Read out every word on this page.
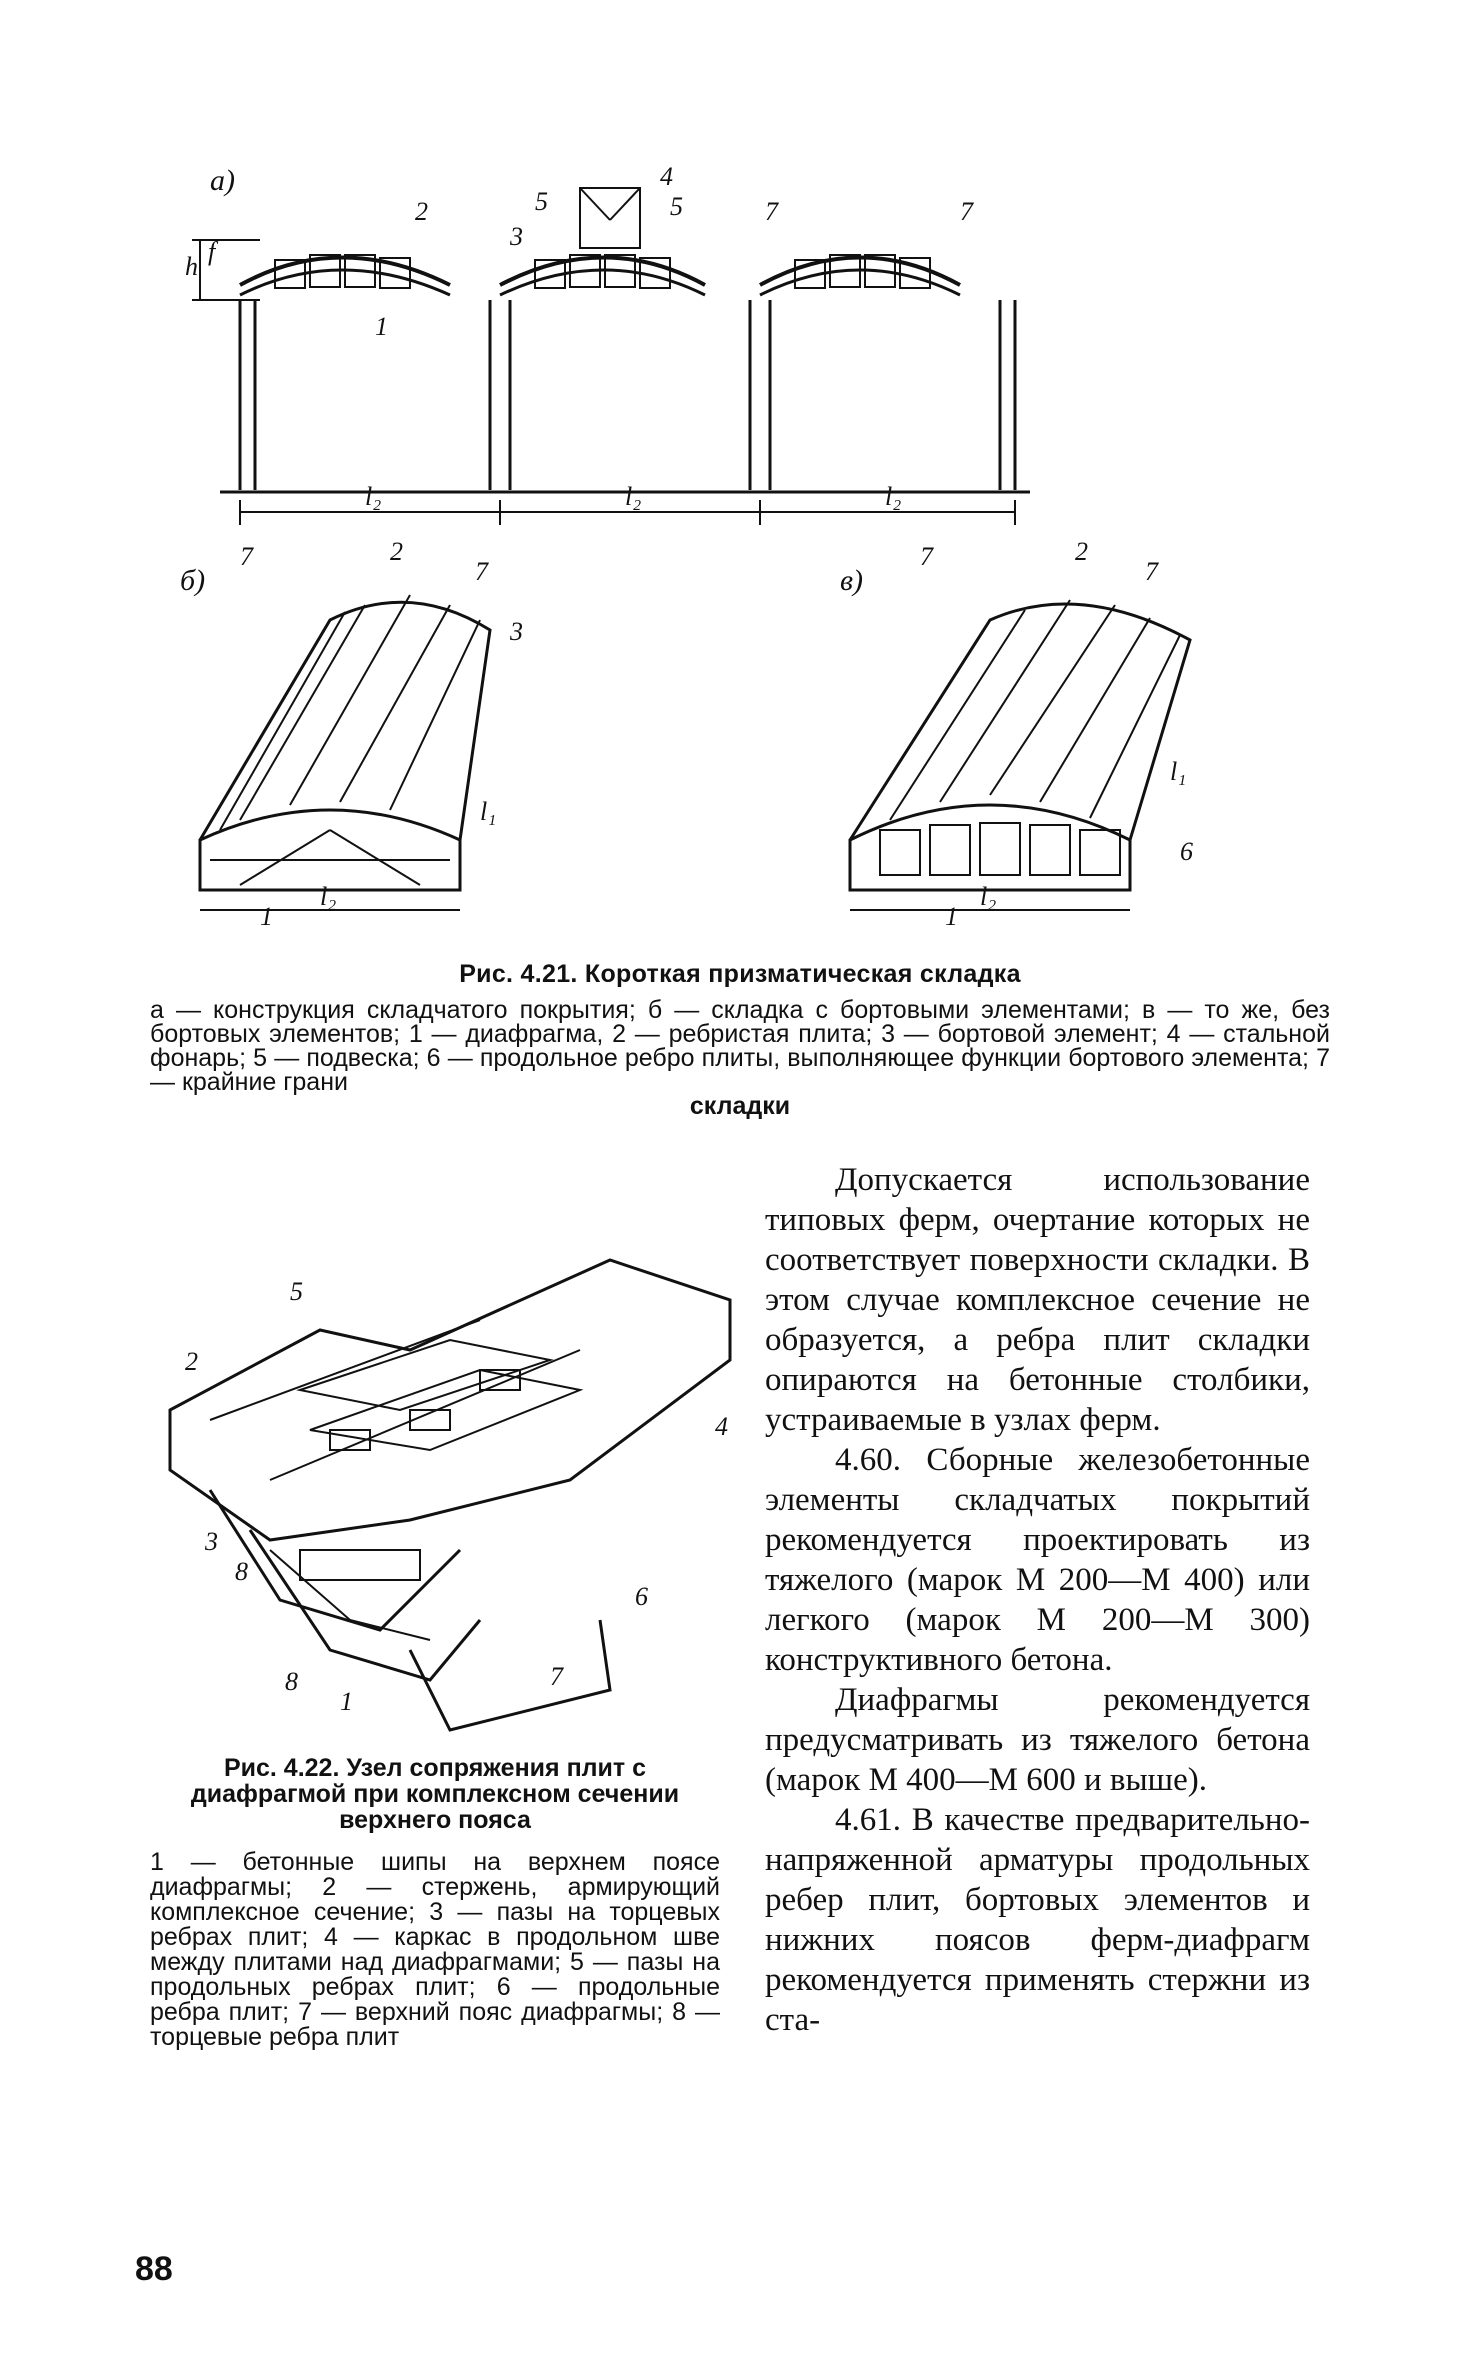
а)
h
f
l₂	l₂	l₂
2
3
1
5
4
5	7	7
б)
l₂
7	2
7
3
1
l₁
в)
l₂
7	2
7
6
1
l₁
Рис. 4.21. Короткая призматическая складка
а — конструкция складчатого покрытия; б — складка с бортовыми элементами; в — то же, без бортовых элементов; 1 — диафрагма, 2 — ребристая плита; 3 — бортовой элемент; 4 — стальной фонарь; 5 — подвеска; 6 — продольное ребро плиты, выполняющее функции бортового элемента; 7 — крайние грани
складки
5
2
4
3
8
6
8
1
7
Рис. 4.22. Узел сопряжения плит с диафрагмой при комплексном сечении верхнего пояса
1 — бетонные шипы на верхнем поясе диафрагмы; 2 — стержень, армирующий комплексное сечение; 3 — пазы на торцевых ребрах плит; 4 — каркас в продольном шве между плитами над диафрагмами; 5 — пазы на продольных ребрах плит; 6 — продольные ребра плит; 7 — верхний пояс диафрагмы; 8 — торцевые ребра плит

Допускается использование типовых ферм, очертание которых не соответствует поверхности складки. В этом случае комплексное сечение не образуется, а ребра плит складки опираются на бетонные столбики, устраиваемые в узлах ферм.

4.60. Сборные железобетонные элементы складчатых покрытий рекомендуется проектировать из тяжелого (марок М 200—М 400) или легкого (марок М 200—М 300) конструктивного бетона.

Диафрагмы рекомендуется предусматривать из тяжелого бетона (марок М 400—М 600 и выше).

4.61. В качестве предварительно-напряженной арматуры продольных ребер плит, бортовых элементов и нижних поясов ферм-диафрагм рекомендуется применять стержни из ста-

88
